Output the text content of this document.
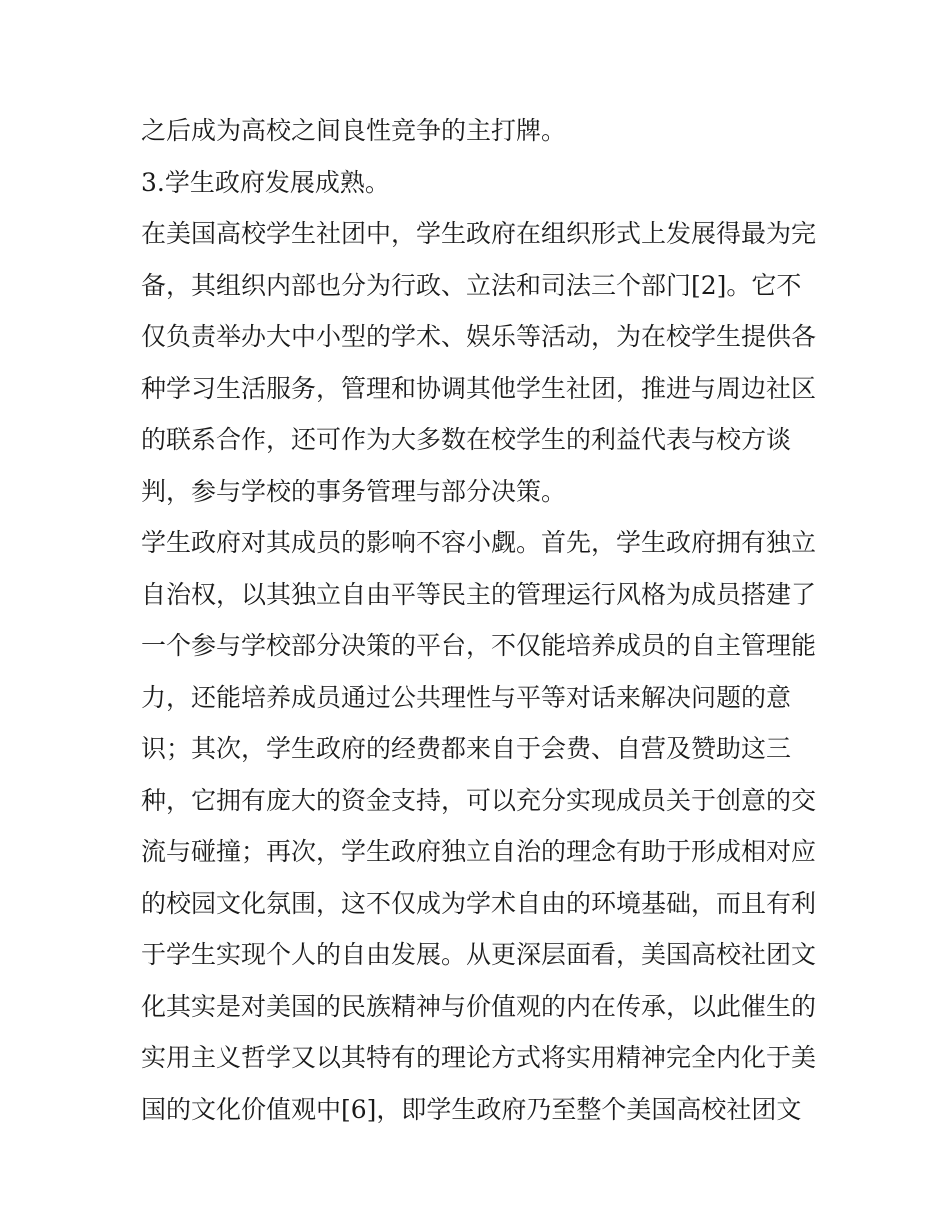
之后成为高校之间良性竞争的主打牌。
3.学生政府发展成熟。
在美国高校学生社团中，学生政府在组织形式上发展得最为完
备，其组织内部也分为行政、立法和司法三个部门[2]。它不
仅负责举办大中小型的学术、娱乐等活动，为在校学生提供各
种学习生活服务，管理和协调其他学生社团，推进与周边社区
的联系合作，还可作为大多数在校学生的利益代表与校方谈
判，参与学校的事务管理与部分决策。
学生政府对其成员的影响不容小觑。首先，学生政府拥有独立
自治权，以其独立自由平等民主的管理运行风格为成员搭建了
一个参与学校部分决策的平台，不仅能培养成员的自主管理能
力，还能培养成员通过公共理性与平等对话来解决问题的意
识；其次，学生政府的经费都来自于会费、自营及赞助这三
种，它拥有庞大的资金支持，可以充分实现成员关于创意的交
流与碰撞；再次，学生政府独立自治的理念有助于形成相对应
的校园文化氛围，这不仅成为学术自由的环境基础，而且有利
于学生实现个人的自由发展。从更深层面看，美国高校社团文
化其实是对美国的民族精神与价值观的内在传承，以此催生的
实用主义哲学又以其特有的理论方式将实用精神完全内化于美
国的文化价值观中[6]，即学生政府乃至整个美国高校社团文
